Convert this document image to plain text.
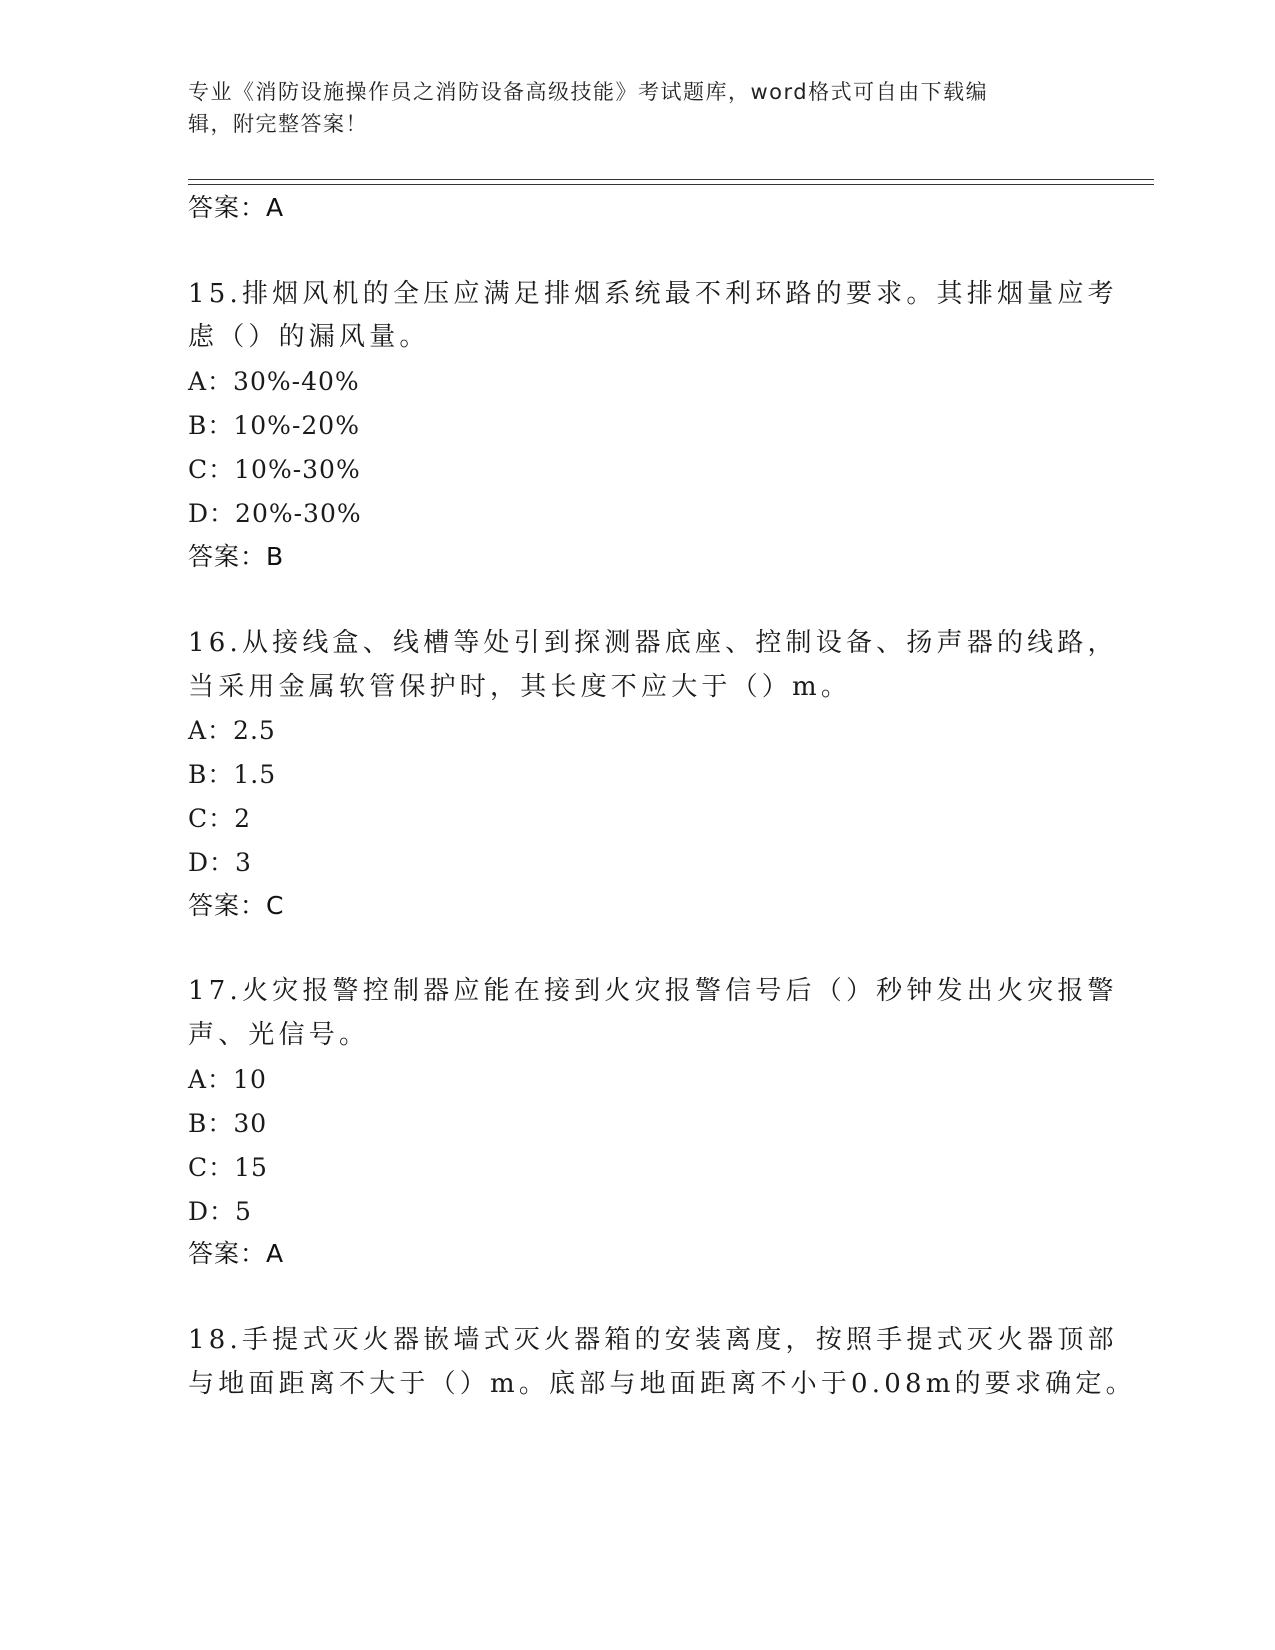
专业《消防设施操作员之消防设备高级技能》考试题库，word格式可自由下载编
辑，附完整答案！
答案：A
15.排烟风机的全压应满足排烟系统最不利环路的要求。其排烟量应考
虑（）的漏风量。
A：30%-40%
B：10%-20%
C：10%-30%
D：20%-30%
答案：B
16.从接线盒、线槽等处引到探测器底座、控制设备、扬声器的线路，
当采用金属软管保护时，其长度不应大于（）m。
A：2.5
B：1.5
C：2
D：3
答案：C
17.火灾报警控制器应能在接到火灾报警信号后（）秒钟发出火灾报警
声、光信号。
A：10
B：30
C：15
D：5
答案：A
18.手提式灭火器嵌墙式灭火器箱的安装离度，按照手提式灭火器顶部
与地面距离不大于（）m。底部与地面距离不小于0.08m的要求确定。
